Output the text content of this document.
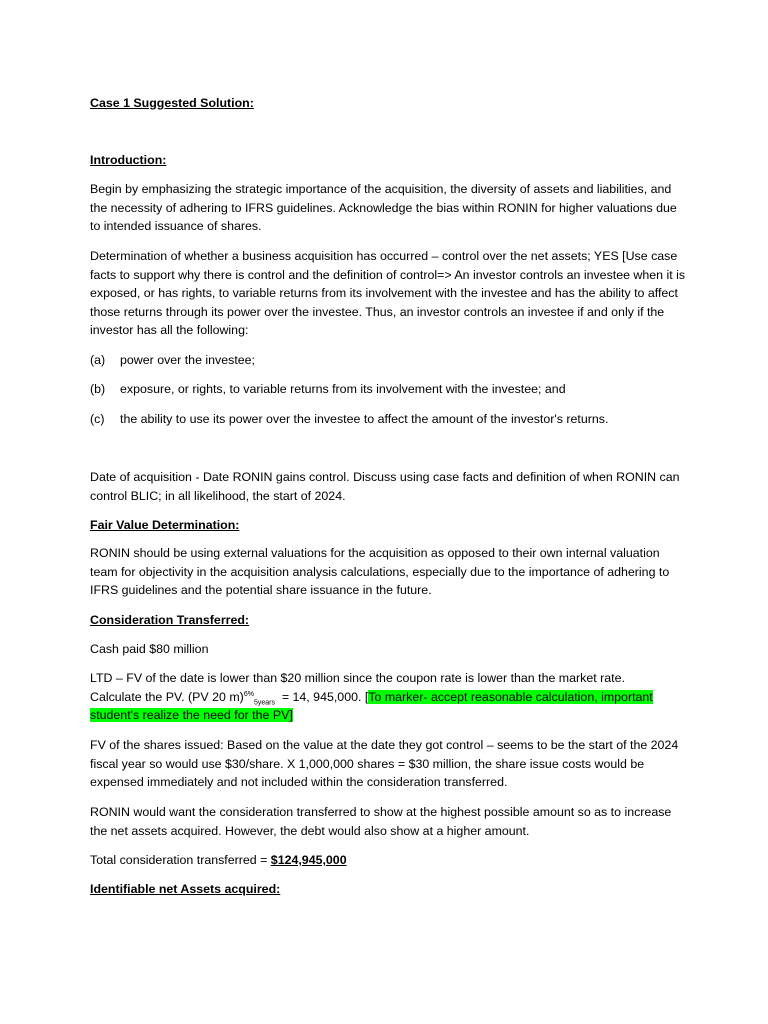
Case 1 Suggested Solution:

Introduction:

Begin by emphasizing the strategic importance of the acquisition, the diversity of assets and liabilities, and the necessity of adhering to IFRS guidelines. Acknowledge the bias within RONIN for higher valuations due to intended issuance of shares.

Determination of whether a business acquisition has occurred – control over the net assets; YES [Use case facts to support why there is control and the definition of control=> An investor controls an investee when it is exposed, or has rights, to variable returns from its involvement with the investee and has the ability to affect those returns through its power over the investee. Thus, an investor controls an investee if and only if the investor has all the following:

(a) power over the investee;
(b) exposure, or rights, to variable returns from its involvement with the investee; and
(c) the ability to use its power over the investee to affect the amount of the investor's returns.

Date of acquisition - Date RONIN gains control. Discuss using case facts and definition of when RONIN can control BLIC; in all likelihood, the start of 2024.

Fair Value Determination:

RONIN should be using external valuations for the acquisition as opposed to their own internal valuation team for objectivity in the acquisition analysis calculations, especially due to the importance of adhering to IFRS guidelines and the potential share issuance in the future.

Consideration Transferred:

Cash paid $80 million

LTD – FV of the date is lower than $20 million since the coupon rate is lower than the market rate.
Calculate the PV. (PV 20 m)$^{6\%}_{5years}$  = 14, 945,000. [To marker- accept reasonable calculation, important student's realize the need for the PV]

FV of the shares issued: Based on the value at the date they got control – seems to be the start of the 2024 fiscal year so would use $30/share. X 1,000,000 shares = $30 million, the share issue costs would be expensed immediately and not included within the consideration transferred.

RONIN would want the consideration transferred to show at the highest possible amount so as to increase the net assets acquired. However, the debt would also show at a higher amount.

Total consideration transferred = $124,945,000

Identifiable net Assets acquired:
